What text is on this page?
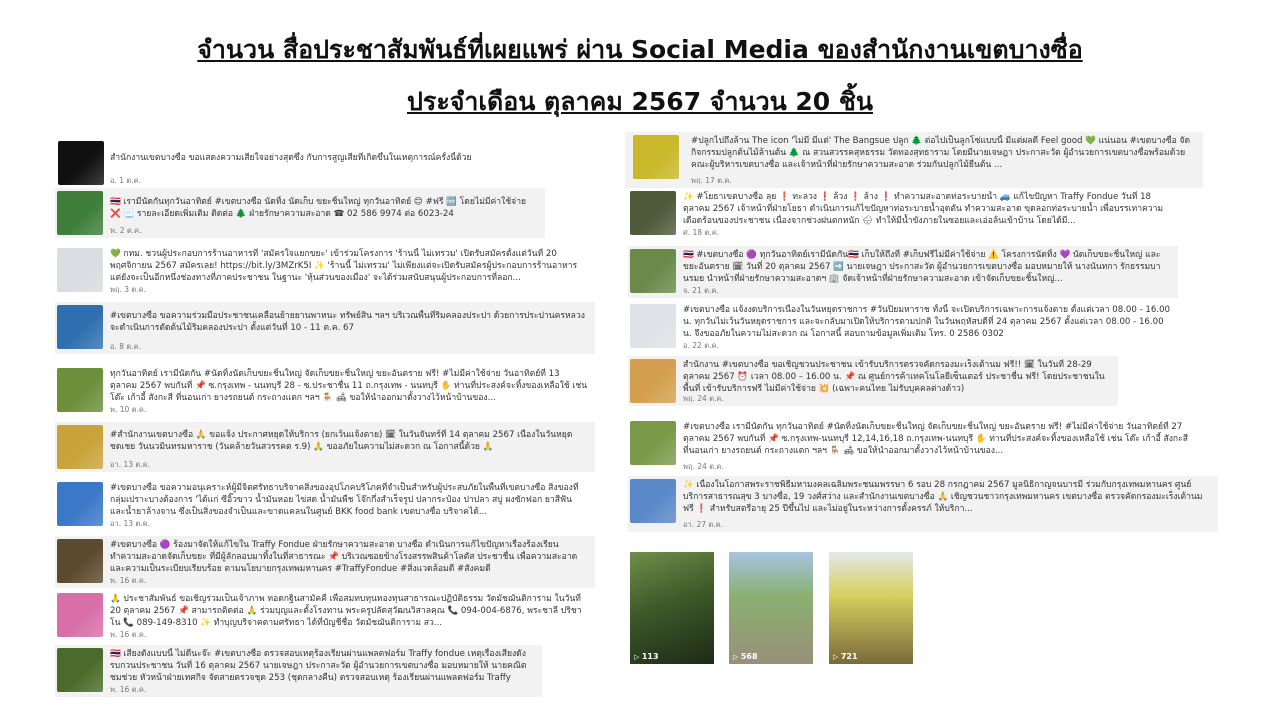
จำนวน สื่อประชาสัมพันธ์ที่เผยแพร่ ผ่าน Social Media ของสำนักงานเขตบางซื่อ
ประจำเดือน ตุลาคม 2567 จำนวน 20 ชิ้น
สำนักงานเขตบางซื่อ ขอแสดงความเสียใจอย่างสุดซึ้ง กับการสูญเสียที่เกิดขึ้นในเหตุการณ์ครั้งนี้ด้วย
อ. 1 ต.ค.
🇹🇭 เรามีนัดกันทุกวันอาทิตย์ #เขตบางซื่อ นัดทิ้ง นัดเก็บ ขยะชิ้นใหญ่ ทุกวันอาทิตย์ 😊 #ฟรี 🆓 โดยไม่มีค่าใช้จ่าย ❌ 📃 รายละเอียดเพิ่มเติม ติดต่อ 🌲 ฝ่ายรักษาความสะอาด ☎ 02 586 9974 ต่อ 6023-24
พ. 2 ต.ค.
💚 กทม. ชวนผู้ประกอบการร้านอาหารที่ 'สมัครใจแยกขยะ' เข้าร่วมโครงการ 'ร้านนี้ ไม่เทรวม' เปิดรับสมัครตั้งแต่วันที่ 20 พฤศจิกายน 2567 สมัครเลย! https://bit.ly/3MZrK5I ✨ 'ร้านนี้ ไม่เทรวม' ไม่เพียงแต่จะเปิดรับสมัครผู้ประกอบการร้านอาหาร แต่ยังจะเป็นอีกหนึ่งช่องทางที่ภาคประชาชน ในฐานะ 'หุ้นส่วนของเมือง' จะได้ร่วมสนับสนุนผู้ประกอบการที่ลอก...
พฤ. 3 ต.ค.
#เขตบางซื่อ ขอความร่วมมือประชาชนเคลื่อนย้ายยานพาหนะ ทรัพย์สิน ฯลฯ บริเวณพื้นที่ริมคลองประปา ด้วยการประปานครหลวง จะดำเนินการตัดต้นไม้ริมคลองประปา ตั้งแต่วันที่ 10 - 11 ต.ค. 67
อ. 8 ต.ค.
ทุกวันอาทิตย์ เรามีนัดกัน #นัดทิ้งนัดเก็บขยะชิ้นใหญ่ จัดเก็บขยะชิ้นใหญ่ ขยะอันตราย ฟรี! #ไม่มีค่าใช้จ่าย วันอาทิตย์ที่ 13 ตุลาคม 2567 พบกันที่ 📌 ซ.กรุงเทพ - นนทบุรี 28 - ซ.ประชาชื่น 11 ถ.กรุงเทพ - นนทบุรี ✋ ท่านที่ประสงค์จะทิ้งของเหลือใช้ เช่น โต๊ะ เก้าอี้ สังกะสี ที่นอนเก่า ยางรถยนต์ กระถางแตก ฯลฯ 🪑 🛋 ขอให้นำออกมาตั้งวางไว้หน้าบ้านของ...
พ. 10 ต.ค.
#สำนักงานเขตบางซื่อ 🙏 ขอแจ้ง ประกาศหยุดให้บริการ (ยกเว้นแจ้งตาย) 🗓 ในวันจันทร์ที่ 14 ตุลาคม 2567 เนื่องในวันหยุดชดเชย วันนวมินทรมหาราช (วันคล้ายวันสวรรคต ร.9) 🙏 ขออภัยในความไม่สะดวก ณ โอกาสนี้ด้วย 🙏
อา. 13 ต.ค.
#เขตบางซื่อ ขอความอนุเคราะห์ผู้มีจิตศรัทธาบริจาคสิ่งของอุปโภคบริโภคที่จำเป็นสำหรับผู้ประสบภัยในพื้นที่เขตบางซื่อ สิ่งของที่กลุ่มเปราะบางต้องการ 'ได้แก่ ซีอิ๊วขาว น้ำมันหอย ไข่สด น้ำมันพืช โจ๊กกึ่งสำเร็จรูป ปลากระป๋อง ปาปลา สบู่ ผงซักฟอก ยาสีฟัน และน้ำยาล้างจาน ซึ่งเป็นสิ่งของจำเป็นและขาดแคลนในศูนย์ BKK food bank เขตบางซื่อ บริจาคได้...
อา. 13 ต.ค.
#เขตบางซื่อ 🟣 ร้องมาจัดให้แก้ไขใน Traffy Fondue ฝ่ายรักษาความสะอาด บางซื่อ ดำเนินการแก้ไขปัญหาเรื่องร้องเรียน ทำความสะอาดจัดเก็บขยะ ที่มีผู้ลักลอบมาทิ้งในที่สาธารณะ 📌 บริเวณซอยข้างโรงสรรพสินค้าโลตัส ประชาชื่น เพื่อความสะอาด และความเป็นระเบียบเรียบร้อย ตามนโยบายกรุงเทพมหานคร #TraffyFondue #สิ่งแวดล้อมดี #สังคมดี
พ. 16 ต.ค.
🙏 ประชาสัมพันธ์ ขอเชิญร่วมเป็นเจ้าภาพ ทอดกฐินสามัคคี เพื่อสมทบทุนทองทุนสาธารณะปฏิบัติธรรม วัดมัชฌันติการาม ในวันที่ 20 ตุลาคม 2567 📌 สามารถติดต่อ 🙏 ร่วมบุญและตั้งโรงทาน พระครูปลัดสุวัฒนวิสาลคุณ 📞 094-004-6876, พระชาลี ปริชาโน 📞 089-149-8310 ✨ ทำบุญบริจาคตามศรัทธา ได้ที่บัญชีชื่อ วัดมัชฌันติการาม สว...
พ. 16 ต.ค.
🇹🇭 เสียงดังแบบนี้ ไม่ดีนะจ๊ะ #เขตบางซื่อ ตรวจสอบเหตุร้องเรียนผ่านแพลตฟอร์ม Traffy fondue เหตุเรื่องเสียงดังรบกวนประชาชน วันที่ 16 ตุลาคม 2567 นายเจษฎา ประกาสะวัต ผู้อำนวยการเขตบางซื่อ มอบหมายให้ นายคณิต ชมช่วย หัวหน้าฝ่ายเทศกิจ จัดสายตรวจชุด 253 (ชุดกลางคืน) ตรวจสอบเหตุ ร้องเรียนผ่านแพลตฟอร์ม Traffy
พ. 16 ต.ค.
#ปลูกไปถึงล้าน The icon 'ไม่มี มีแต่' The Bangsue ปลูก 🌲 ต่อไปเป็นลูกโซ่แบบนี้ มีแต่ผลดี Feel good 💚 แน่นอน #เขตบางซื่อ จัดกิจกรรมปลูกต้นไม้ล้านต้น 🌲 ณ สวนสวรรคสุหธรรม วัดทองสุทธาราม โดยมีนายเจษฎา ประกาสะวัต ผู้อำนวยการเขตบางซื่อพร้อมด้วยคณะผู้บริหารเขตบางซื่อ และเจ้าหน้าที่ฝ่ายรักษาความสะอาด ร่วมกันปลูกไม้ยืนต้น ...
พฤ. 17 ต.ค.
✨ #โยธาเขตบางซื่อ ลุย ❗ ทะลวง ❗ ล้วง ❗ ล้าง ❗ ทำความสะอาดท่อระบายน้ำ 🚙 แก้ไขปัญหา Traffy Fondue วันที่ 18 ตุลาคม 2567 เจ้าหน้าที่ฝ่ายโยธา ดำเนินการแก้ไขปัญหาท่อระบายน้ำอุดตัน ทำความสะอาด ขุดลอกท่อระบายน้ำ เพื่อบรรเทาความเดือดร้อนของประชาชน เนื่องจากช่วงฝนตกหนัก 🌧 ทำให้มีน้ำขังภายในซอยและเอ่อล้นเข้าบ้าน โดยได้มี...
ศ. 18 ต.ค.
🇹🇭 #เขตบางซื่อ 🟣 ทุกวันอาทิตย์เรามีนัดกัน🇹🇭 เก็บให้ถึงที่ #เก็บฟรีไม่มีค่าใช้จ่าย ⚠️ โครงการนัดทิ้ง 💜 นัดเก็บขยะชิ้นใหญ่ และขยะอันตราย 🗓 วันที่ 20 ตุลาคม 2567 ➡️ นายเจษฎา ประกาสะวัต ผู้อำนวยการเขตบางซื่อ มอบหมายให้ นางนันทกา รักธรรมบานรมย นำหน้าที่ฝ่ายรักษาความสะอาดฯ 🏢 จัดเจ้าหน้าที่ฝ่ายรักษาความสะอาด เข้าจัดเก็บขยะชิ้นใหญ่...
จ. 21 ต.ค.
#เขตบางซื่อ แจ้งงดบริการเนื่องในวันหยุดราชการ #วันปิยมหาราช ทั้งนี้ จะเปิดบริการเฉพาะการแจ้งตาย ตั้งแต่เวลา 08.00 - 16.00 น. ทุกวันไม่เว้นวันหยุดราชการ และจะกลับมาเปิดให้บริการตามปกติ ในวันพฤหัสบดีที่ 24 ตุลาคม 2567 ตั้งแต่เวลา 08.00 - 16.00 น. จึงขออภัยในความไม่สะดวก ณ โอกาสนี้ สอบถามข้อมูลเพิ่มเติม โทร. 0 2586 0302
อ. 22 ต.ค.
สำนักงาน #เขตบางซื่อ ขอเชิญชวนประชาชน เข้ารับบริการตรวจคัดกรองมะเร็งเต้านม ฟรี!! 🗓 ในวันที่ 28-29 ตุลาคม 2567 ⏰ เวลา 08.00 – 16.00 น. 📌 ณ ศูนย์การค้าเทคโนโลยีเซ็นเตอร์ ประชาชื่น ฟรี! โดยประชาชนในพื้นที่ เข้ารับบริการฟรี ไม่มีค่าใช้จ่าย 💥 (เฉพาะคนไทย ไม่รับบุคคลต่างด้าว)
พฤ. 24 ต.ค.
#เขตบางซื่อ เรามีนัดกัน ทุกวันอาทิตย์ #นัดทิ้งนัดเก็บขยะชิ้นใหญ่ จัดเก็บขยะชิ้นใหญ่ ขยะอันตราย ฟรี! #ไม่มีค่าใช้จ่าย วันอาทิตย์ที่ 27 ตุลาคม 2567 พบกันที่ 📌 ซ.กรุงเทพ-นนทบุรี 12,14,16,18 ถ.กรุงเทพ-นนทบุรี ✋ ท่านที่ประสงค์จะทิ้งของเหลือใช้ เช่น โต๊ะ เก้าอี้ สังกะสี ที่นอนเก่า ยางรถยนต์ กระถางแตก ฯลฯ 🪑 🛋 ขอให้นำออกมาตั้งวางไว้หน้าบ้านของ...
พฤ. 24 ต.ค.
✨ เนื่องในโอกาสพระราชพิธีมหามงคลเฉลิมพระชนมพรรษา 6 รอบ 28 กรกฎาคม 2567 มูลนิธิกาญจนบารมี ร่วมกับกรุงเทพมหานคร ศูนย์บริการสาธารณสุข 3 บางซื่อ, 19 วงศ์สว่าง และสำนักงานเขตบางซื่อ 🙏 เชิญชวนชาวกรุงเทพมหานคร เขตบางซื่อ ตรวจคัดกรองมะเร็งเต้านม ฟรี ❗ สำหรับสตรีอายุ 25 ปีขึ้นไป และไม่อยู่ในระหว่างการตั้งครรภ์ ให้บริกา...
อา. 27 ต.ค.
▷ 113	▷ 568	▷ 721
